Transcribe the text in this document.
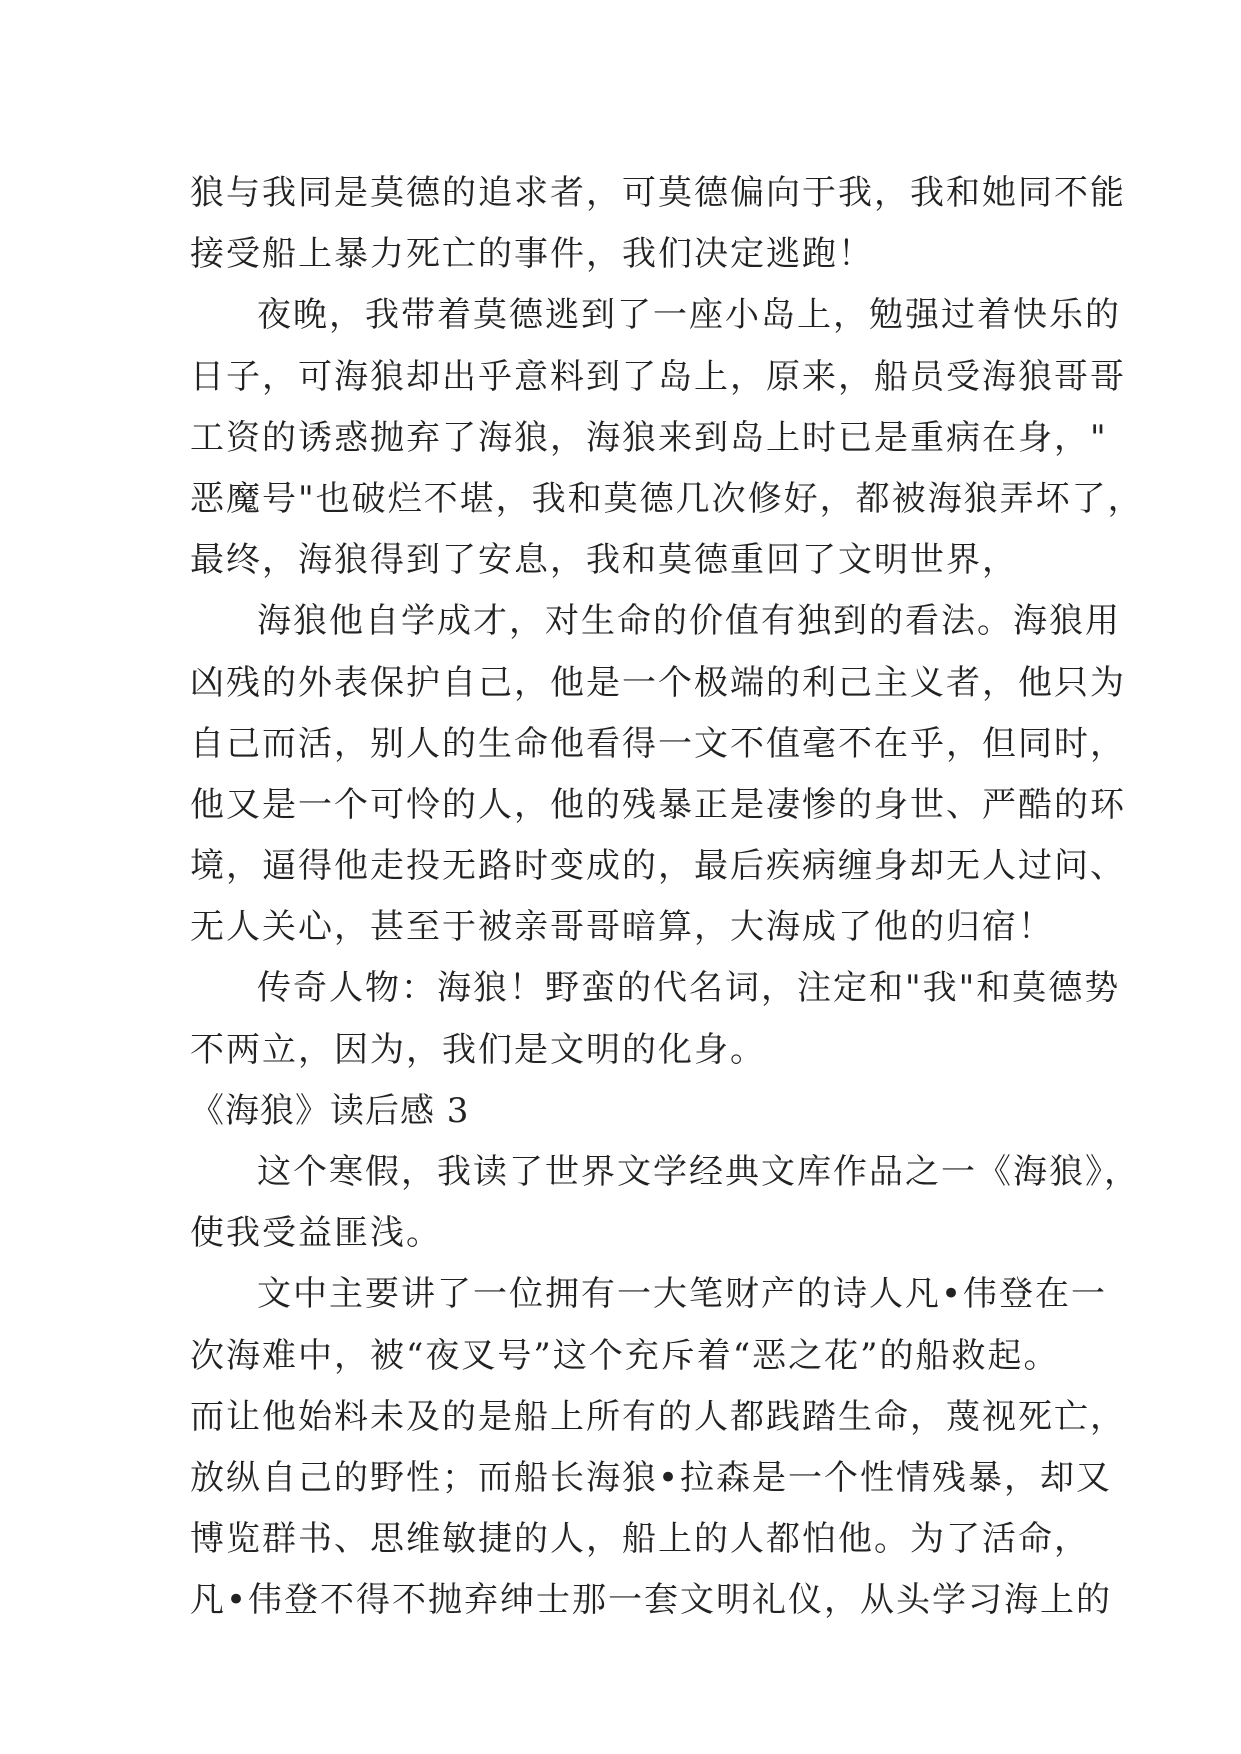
狼与我同是莫德的追求者，可莫德偏向于我，我和她同不能
接受船上暴力死亡的事件，我们决定逃跑！
夜晚，我带着莫德逃到了一座小岛上，勉强过着快乐的
日子，可海狼却出乎意料到了岛上，原来，船员受海狼哥哥
工资的诱惑抛弃了海狼，海狼来到岛上时已是重病在身，"
恶魔号"也破烂不堪，我和莫德几次修好，都被海狼弄坏了，
最终，海狼得到了安息，我和莫德重回了文明世界，
海狼他自学成才，对生命的价值有独到的看法。海狼用
凶残的外表保护自己，他是一个极端的利己主义者，他只为
自己而活，别人的生命他看得一文不值毫不在乎，但同时，
他又是一个可怜的人，他的残暴正是凄惨的身世、严酷的环
境，逼得他走投无路时变成的，最后疾病缠身却无人过问、
无人关心，甚至于被亲哥哥暗算，大海成了他的归宿！
传奇人物：海狼！野蛮的代名词，注定和"我"和莫德势
不两立，因为，我们是文明的化身。
《海狼》读后感 3
这个寒假，我读了世界文学经典文库作品之一《海狼》，
使我受益匪浅。
文中主要讲了一位拥有一大笔财产的诗人凡•伟登在一
次海难中，被“夜叉号”这个充斥着“恶之花”的船救起。
而让他始料未及的是船上所有的人都践踏生命，蔑视死亡，
放纵自己的野性；而船长海狼•拉森是一个性情残暴，却又
博览群书、思维敏捷的人，船上的人都怕他。为了活命，
凡•伟登不得不抛弃绅士那一套文明礼仪，从头学习海上的
